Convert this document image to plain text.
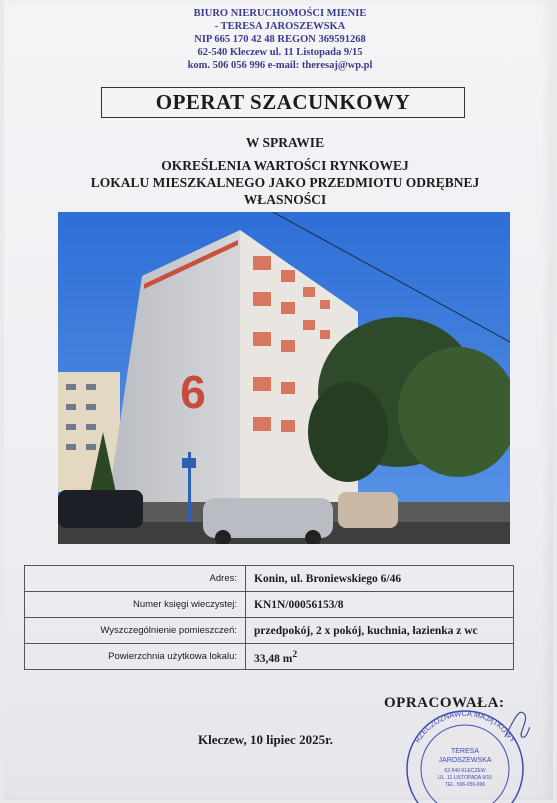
BIURO NIERUCHOMOŚCI MIENIE
- TERESA JAROSZEWSKA
NIP 665 170 42 48 REGON 369591268
62-540 Kleczew ul. 11 Listopada 9/15
kom. 506 056 996 e-mail: theresaj@wp.pl
OPERAT SZACUNKOWY
W SPRAWIE
OKREŚLENIA WARTOŚCI RYNKOWEJ
LOKALU MIESZKALNEGO JAKO PRZEDMIOTU ODRĘBNEJ
WŁASNOŚCI
6
Adres:	Konin, ul. Broniewskiego 6/46
Numer księgi wieczystej:	KN1N/00056153/8
Wyszczególnienie pomieszczeń:	przedpokój, 2 x pokój, kuchnia, łazienka z wc
Powierzchnia użytkowa lokalu:	33,48 $m^2$
OPRACOWAŁA:
Kleczew, 10 lipiec 2025r.	RZECZOZNAWCA MAJĄTKOWY
TERESA
JAROSZEWSKA
62-540 KLECZEW
UL. 11 LISTOPADA 9/15
TEL. 506-056-996
